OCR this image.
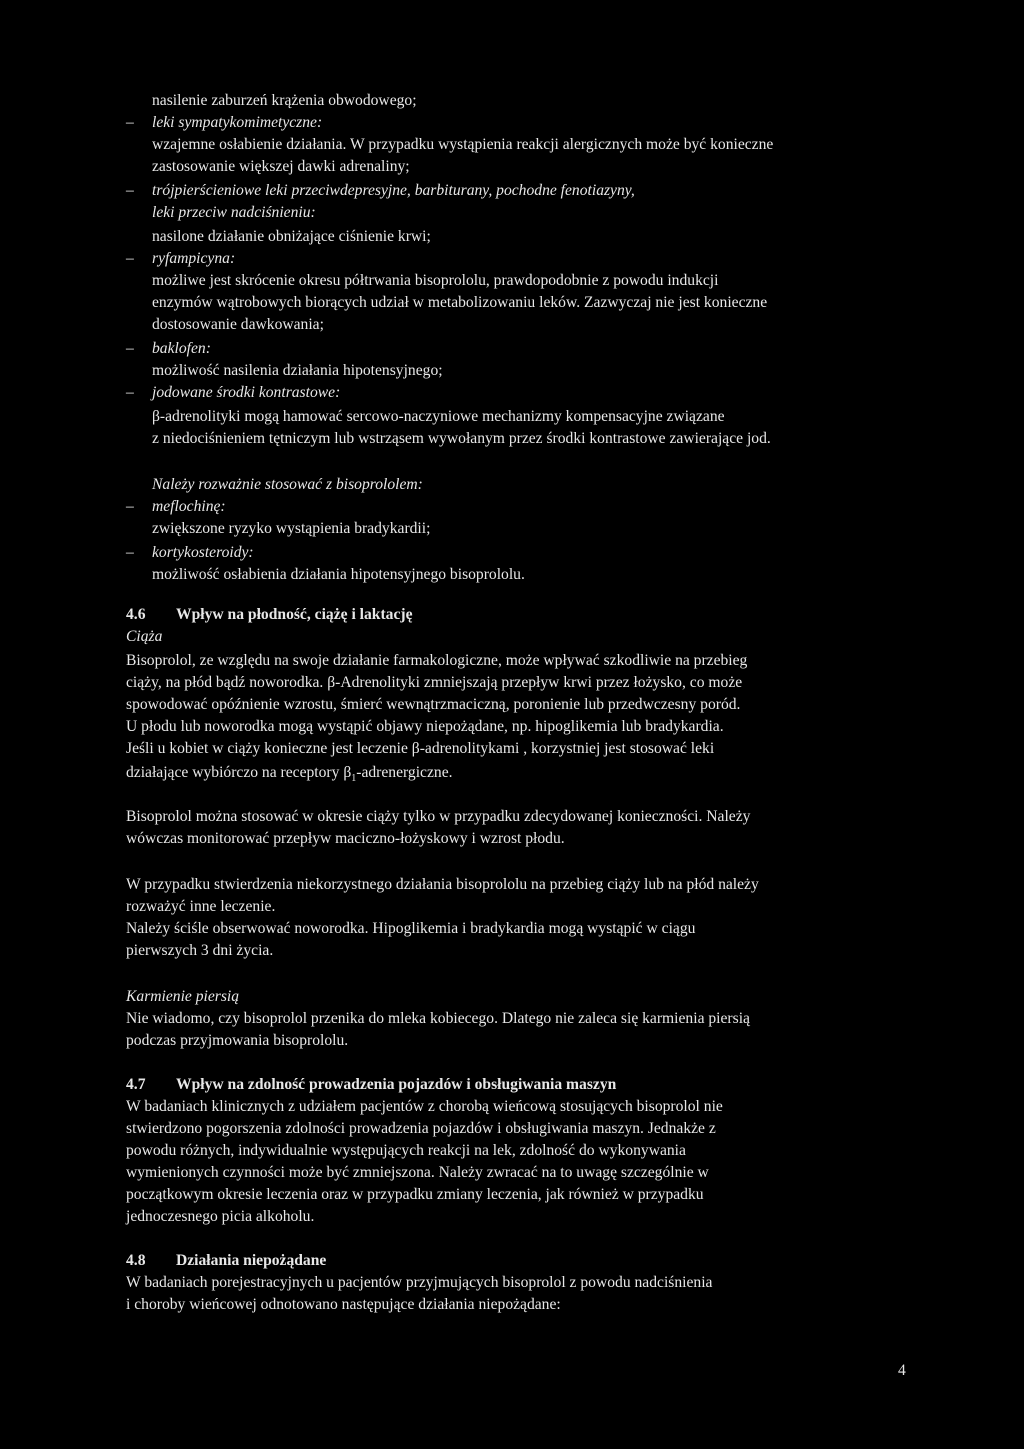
nasilenie zaburzeń krążenia obwodowego;
– leki sympatykomimetyczne:
wzajemne osłabienie działania. W przypadku wystąpienia reakcji alergicznych może być konieczne
zastosowanie większej dawki adrenaliny;
– trójpierścieniowe leki przeciwdepresyjne, barbiturany, pochodne fenotiazyny,
leki przeciw nadciśnieniu:
nasilone działanie obniżające ciśnienie krwi;
– ryfampicyna:
możliwe jest skrócenie okresu półtrwania bisoprololu, prawdopodobnie z powodu indukcji
enzymów wątrobowych biorących udział w metabolizowaniu leków. Zazwyczaj nie jest konieczne
dostosowanie dawkowania;
– baklofen:
możliwość nasilenia działania hipotensyjnego;
– jodowane środki kontrastowe:
β-adrenolityki mogą hamować sercowo-naczyniowe mechanizmy kompensacyjne związane
z niedociśnieniem tętniczym lub wstrząsem wywołanym przez środki kontrastowe zawierające jod.
Należy rozważnie stosować z bisoprololem:
– meflochinę:
zwiększone ryzyko wystąpienia bradykardii;
– kortykosteroidy:
możliwość osłabienia działania hipotensyjnego bisoprololu.
4.6 Wpływ na płodność, ciążę i laktację
Ciąża
Bisoprolol, ze względu na swoje działanie farmakologiczne, może wpływać szkodliwie na przebieg
ciąży, na płód bądź noworodka. β-Adrenolityki zmniejszają przepływ krwi przez łożysko, co może
spowodować opóźnienie wzrostu, śmierć wewnątrzmaciczną, poronienie lub przedwczesny poród.
U płodu lub noworodka mogą wystąpić objawy niepożądane, np. hipoglikemia lub bradykardia.
Jeśli u kobiet w ciąży konieczne jest leczenie β-adrenolitykami , korzystniej jest stosować leki
działające wybiórczo na receptory $\beta_1$-adrenergiczne.
Bisoprolol można stosować w okresie ciąży tylko w przypadku zdecydowanej konieczności. Należy
wówczas monitorować przepływ maciczno-łożyskowy i wzrost płodu.
W przypadku stwierdzenia niekorzystnego działania bisoprololu na przebieg ciąży lub na płód należy
rozważyć inne leczenie.
Należy ściśle obserwować noworodka. Hipoglikemia i bradykardia mogą wystąpić w ciągu
pierwszych 3 dni życia.
Karmienie piersią
Nie wiadomo, czy bisoprolol przenika do mleka kobiecego. Dlatego nie zaleca się karmienia piersią
podczas przyjmowania bisoprololu.
4.7 Wpływ na zdolność prowadzenia pojazdów i obsługiwania maszyn
W badaniach klinicznych z udziałem pacjentów z chorobą wieńcową stosujących bisoprolol nie
stwierdzono pogorszenia zdolności prowadzenia pojazdów i obsługiwania maszyn. Jednakże z
powodu różnych, indywidualnie występujących reakcji na lek, zdolność do wykonywania
wymienionych czynności może być zmniejszona. Należy zwracać na to uwagę szczególnie w
początkowym okresie leczenia oraz w przypadku zmiany leczenia, jak również w przypadku
jednoczesnego picia alkoholu.
4.8 Działania niepożądane
W badaniach porejestracyjnych u pacjentów przyjmujących bisoprolol z powodu nadciśnienia
i choroby wieńcowej odnotowano następujące działania niepożądane:
4
